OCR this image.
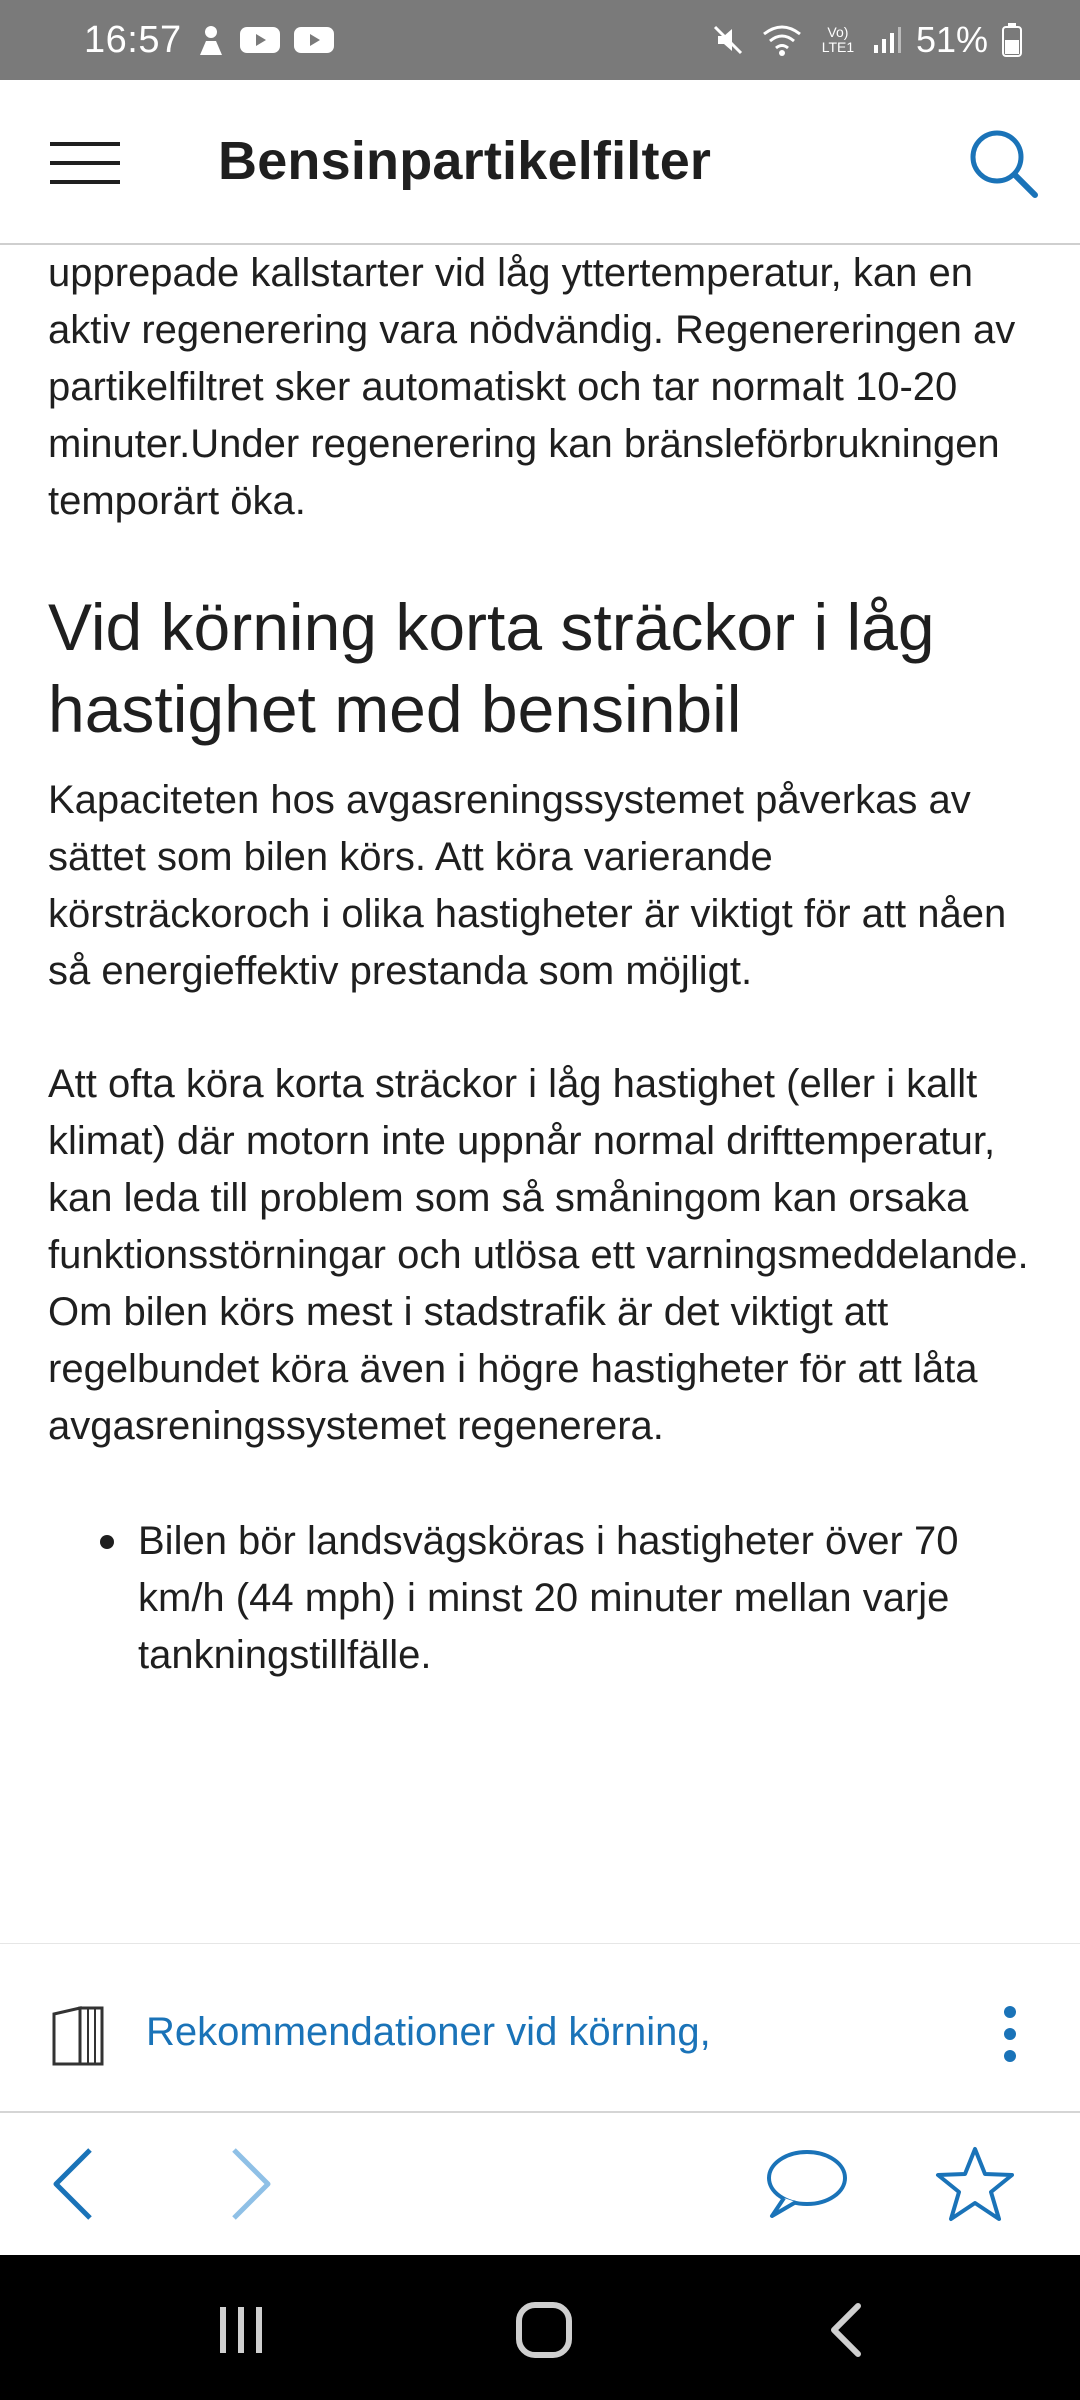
16:57	Vo) LTE1 51%
Bensinpartikelfilter

upprepade kallstarter vid låg yttertemperatur, kan en aktiv regenerering vara nödvändig. Regenereringen av partikelfiltret sker automatiskt och tar normalt 10-20 minuter.Under regenerering kan bränsleförbrukningen temporärt öka.

Vid körning korta sträckor i låg hastighet med bensinbil

Kapaciteten hos avgasreningssystemet påverkas av sättet som bilen körs. Att köra varierande körsträckoroch i olika hastigheter är viktigt för att nåen så energieffektiv prestanda som möjligt.

Att ofta köra korta sträckor i låg hastighet (eller i kallt klimat) där motorn inte uppnår normal drifttemperatur, kan leda till problem som så småningom kan orsaka funktionsstörningar och utlösa ett varningsmeddelande. Om bilen körs mest i stadstrafik är det viktigt att regelbundet köra även i högre hastigheter för att låta avgasreningssystemet regenerera.

Bilen bör landsvägsköras i hastigheter över 70 km/h (44 mph) i minst 20 minuter mellan varje tankningstillfälle.
Rekommendationer vid körning,
